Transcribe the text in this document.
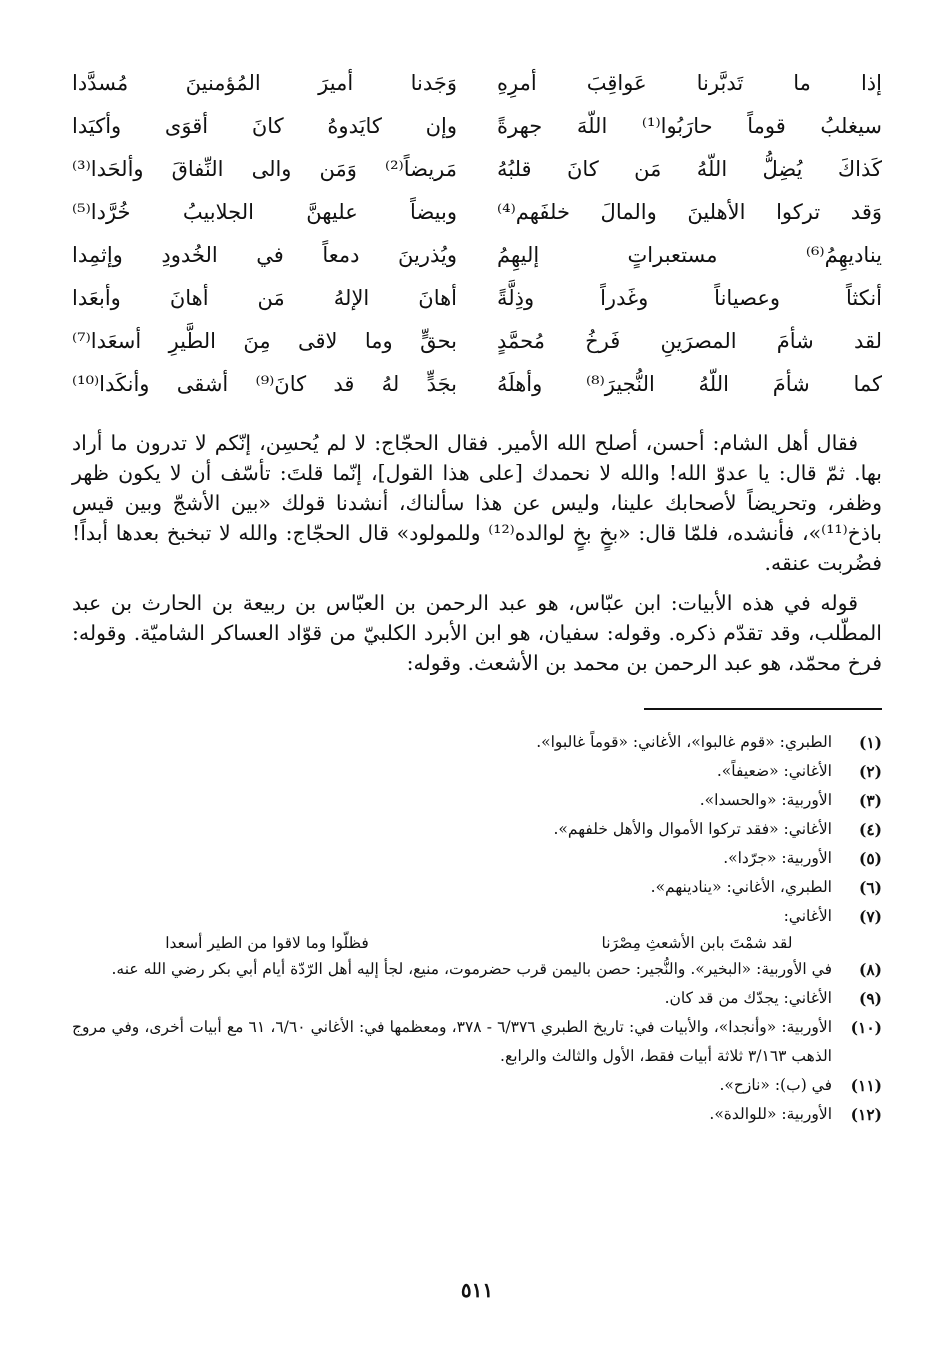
إذا ما تَدبَّرنا عَواقِبَ أمرِهِ
وَجَدنا أميرَ المُؤمنينَ مُسدَّدا
سيغلبُ قوماً حارَبُوا⁽¹⁾ اللّهَ جهرةً
وإن كايَدوهُ كانَ أقوَى وأكيَدا
كَذاكَ يُضِلُّ اللّهُ مَن كانَ قلبُهُ
مَريضاً⁽²⁾ وَمَن والى النِّفاقَ وألحَدا⁽³⁾
وَقد تركوا الأهلينَ والمالَ خلفَهم⁽⁴⁾
وبيضاً عليهنَّ الجلابيبُ خُرَّدا⁽⁵⁾
يناديهِمُ⁽⁶⁾ مستعبراتٍ إليهِمُ
ويُذرينَ دمعاً في الخُدودِ وإثمِدا
أنكثاً وعصياناً وغَدراً وذِلَّةً
أهانَ الإلهُ مَن أهانَ وأبعَدا
لقد شأمَ المصرَينِ فَرخُ مُحمَّدٍ
بحقٍّ وما لاقى مِنَ الطَّيرِ أسعَدا⁽⁷⁾
كما شأمَ اللّهُ النُّجيرَ⁽⁸⁾ وأهلَهُ
بجَدٍّ لهُ قد كانَ⁽⁹⁾ أشقى وأنكَدا⁽¹⁰⁾

فقال أهل الشام: أحسن، أصلح الله الأمير. فقال الحجّاج: لا لم يُحسِن، إنّكم لا تدرون ما أراد بها. ثمّ قال: يا عدوّ الله! والله لا نحمدك [على هذا القول]، إنّما قلتَ: تأسّف أن لا يكون ظهر وظفر، وتحريضاً لأصحابك علينا، وليس عن هذا سألناك، أنشدنا قولك «بين الأشجّ وبين قيس باذخ⁽¹¹⁾»، فأنشده، فلمّا قال: «بخٍ بخٍ لوالده⁽¹²⁾ وللمولود» قال الحجّاج: والله لا تبخبخ بعدها أبداً! فضُربت عنقه.

قوله في هذه الأبيات: ابن عبّاس، هو عبد الرحمن بن العبّاس بن ربيعة بن الحارث بن عبد المطّلب، وقد تقدّم ذكره. وقوله: سفيان، هو ابن الأبرد الكلبيّ من قوّاد العساكر الشاميّة. وقوله: فرخ محمّد، هو عبد الرحمن بن محمد بن الأشعث. وقوله:

(١)
الطبري: «قوم غالبوا»، الأغاني: «قوماً غالبوا».
(٢)
الأغاني: «ضعيفاً».
(٣)
الأوربية: «والحسدا».
(٤)
الأغاني: «فقد تركوا الأموال والأهل خلفهم».
(٥)
الأوربية: «جرّدا».
(٦)
الطبري، الأغاني: «ينادينهم».
(٧)
الأغاني:
لقد شمْتَ بابن الأشعثِ مِصْرَنا
فظلّوا وما لاقوا من الطير أسعدا
(٨)
في الأوربية: «البخير». والنُّجير: حصن باليمن قرب حضرموت، منيع، لجأ إليه أهل الرّدّة أيام أبي بكر رضي الله عنه.
(٩)
الأغاني: يجدّك من قد كان.
(١٠)
الأوربية: «وأنجدا»، والأبيات في: تاريخ الطبري ٦/٣٧٦ - ٣٧٨، ومعظمها في: الأغاني ٦/٦٠، ٦١ مع أبيات أخرى، وفي مروج الذهب ٣/١٦٣ ثلاثة أبيات فقط، الأول والثالث والرابع.
(١١)
في (ب): «نازح».
(١٢)
الأوربية: «للوالدة».
٥١١
